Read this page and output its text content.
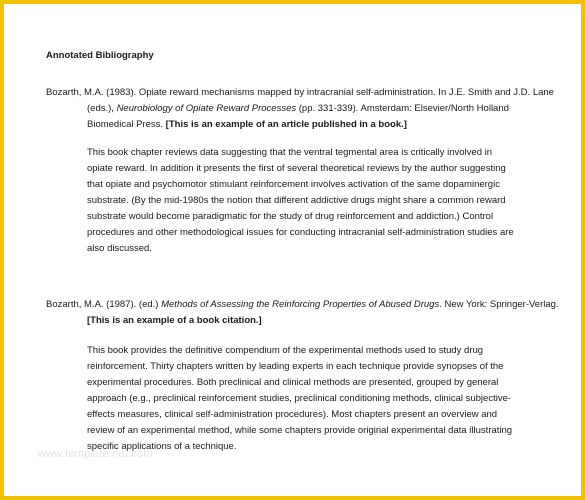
Annotated Bibliography
Bozarth, M.A. (1983). Opiate reward mechanisms mapped by intracranial self-administration. In J.E. Smith and J.D. Lane
(eds.), Neurobiology of Opiate Reward Processes (pp. 331-339). Amsterdam: Elsevier/North Holland
Biomedical Press. [This is an example of an article published in a book.]
This book chapter reviews data suggesting that the ventral tegmental area is critically involved in
opiate reward. In addition it presents the first of several theoretical reviews by the author suggesting
that opiate and psychomotor stimulant reinforcement involves activation of the same dopaminergic
substrate. (By the mid-1980s the notion that different addictive drugs might share a common reward
substrate would become paradigmatic for the study of drug reinforcement and addiction.) Control
procedures and other methodological issues for conducting intracranial self-administration studies are
also discussed.
Bozarth, M.A. (1987). (ed.) Methods of Assessing the Reinforcing Properties of Abused Drugs. New York: Springer-Verlag.
[This is an example of a book citation.]
This book provides the definitive compendium of the experimental methods used to study drug
reinforcement. Thirty chapters written by leading experts in each technique provide synopses of the
experimental procedures. Both preclinical and clinical methods are presented, grouped by general
approach (e.g., preclinical reinforcement studies, preclinical conditioning methods, clinical subjective-
effects measures, clinical self-administration procedures). Most chapters present an overview and
review of an experimental method, while some chapters provide original experimental data illustrating
specific applications of a technique.
www.template.net.com
